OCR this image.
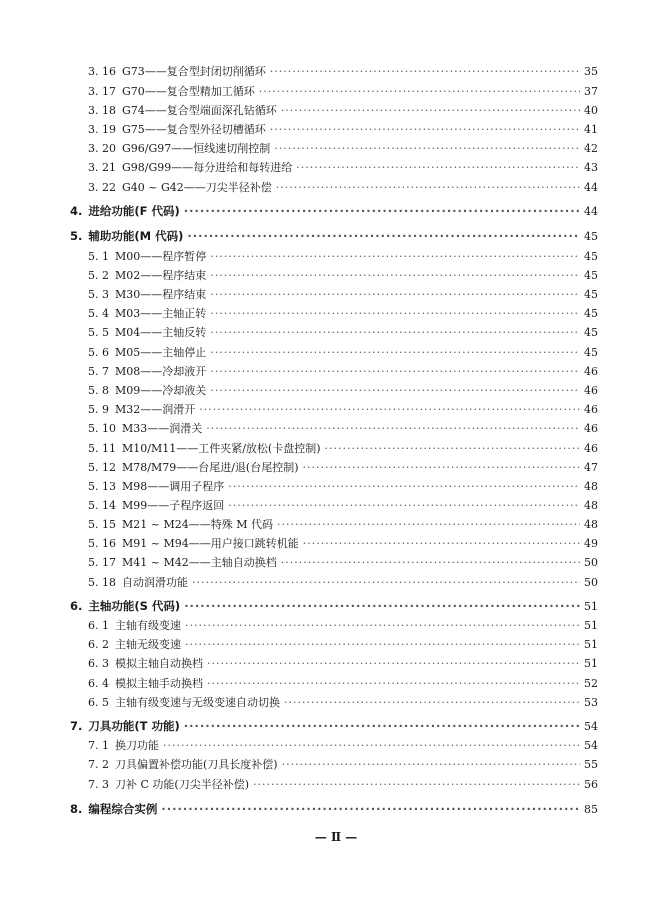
3. 16 G73——复合型封闭切削循环 ·····	35
3. 17 G70——复合型精加工循环 ·····	37
3. 18 G74——复合型端面深孔钻循环 ·····	40
3. 19 G75——复合型外径切槽循环 ·····	41
3. 20 G96/G97——恒线速切削控制 ·····	42
3. 21 G98/G99——每分进给和每转进给 ·····	43
3. 22 G40 ~ G42——刀尖半径补偿 ·····	44
4. 进给功能(F 代码) ·····	44
5. 辅助功能(M 代码) ·····	45
5. 1 M00——程序暂停 ·····	45
5. 2 M02——程序结束 ·····	45
5. 3 M30——程序结束 ·····	45
5. 4 M03——主轴正转 ·····	45
5. 5 M04——主轴反转 ·····	45
5. 6 M05——主轴停止 ·····	45
5. 7 M08——冷却液开 ·····	46
5. 8 M09——冷却液关 ·····	46
5. 9 M32——润滑开 ·····	46
5. 10 M33——润滑关 ·····	46
5. 11 M10/M11——工件夹紧/放松(卡盘控制) ·····	46
5. 12 M78/M79——台尾进/退(台尾控制) ·····	47
5. 13 M98——调用子程序 ·····	48
5. 14 M99——子程序返回 ·····	48
5. 15 M21 ~ M24——特殊 M 代码 ·····	48
5. 16 M91 ~ M94——用户接口跳转机能 ·····	49
5. 17 M41 ~ M42——主轴自动换档 ·····	50
5. 18 自动润滑功能 ·····	50
6. 主轴功能(S 代码) ·····	51
6. 1 主轴有级变速 ·····	51
6. 2 主轴无级变速 ·····	51
6. 3 模拟主轴自动换档 ·····	51
6. 4 模拟主轴手动换档 ·····	52
6. 5 主轴有级变速与无级变速自动切换 ·····	53
7. 刀具功能(T 功能) ·····	54
7. 1 换刀功能 ·····	54
7. 2 刀具偏置补偿功能(刀具长度补偿) ·····	55
7. 3 刀补 C 功能(刀尖半径补偿) ·····	56
8. 编程综合实例 ·····	85
— Ⅱ —
